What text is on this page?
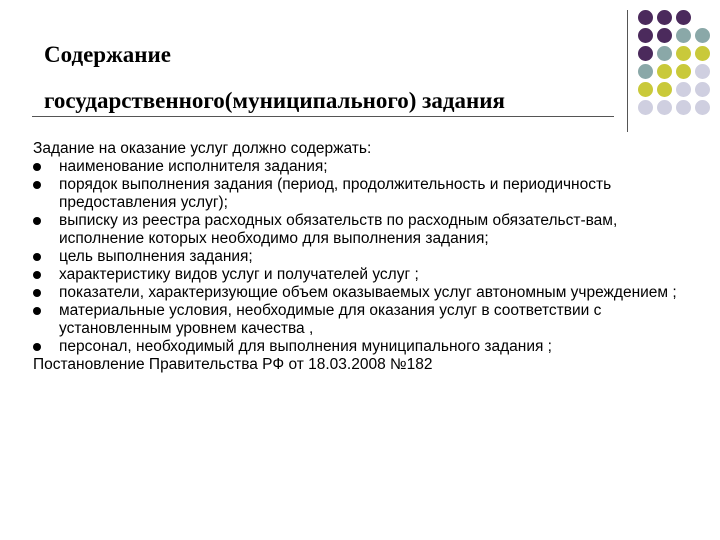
Содержание
государственного(муниципального) задания
Задание на оказание услуг должно содержать:
наименование исполнителя задания;
порядок выполнения задания (период, продолжительность и периодичность предоставления услуг);
выписку из реестра расходных обязательств по расходным обязательст-вам, исполнение которых необходимо для выполнения задания;
цель выполнения задания;
характеристику видов услуг и получателей услуг ;
показатели, характеризующие объем оказываемых услуг автономным учреждением ;
материальные условия, необходимые для оказания услуг в соответствии с установленным уровнем качества ,
персонал, необходимый для выполнения муниципального задания ;
Постановление Правительства РФ от 18.03.2008 №182
